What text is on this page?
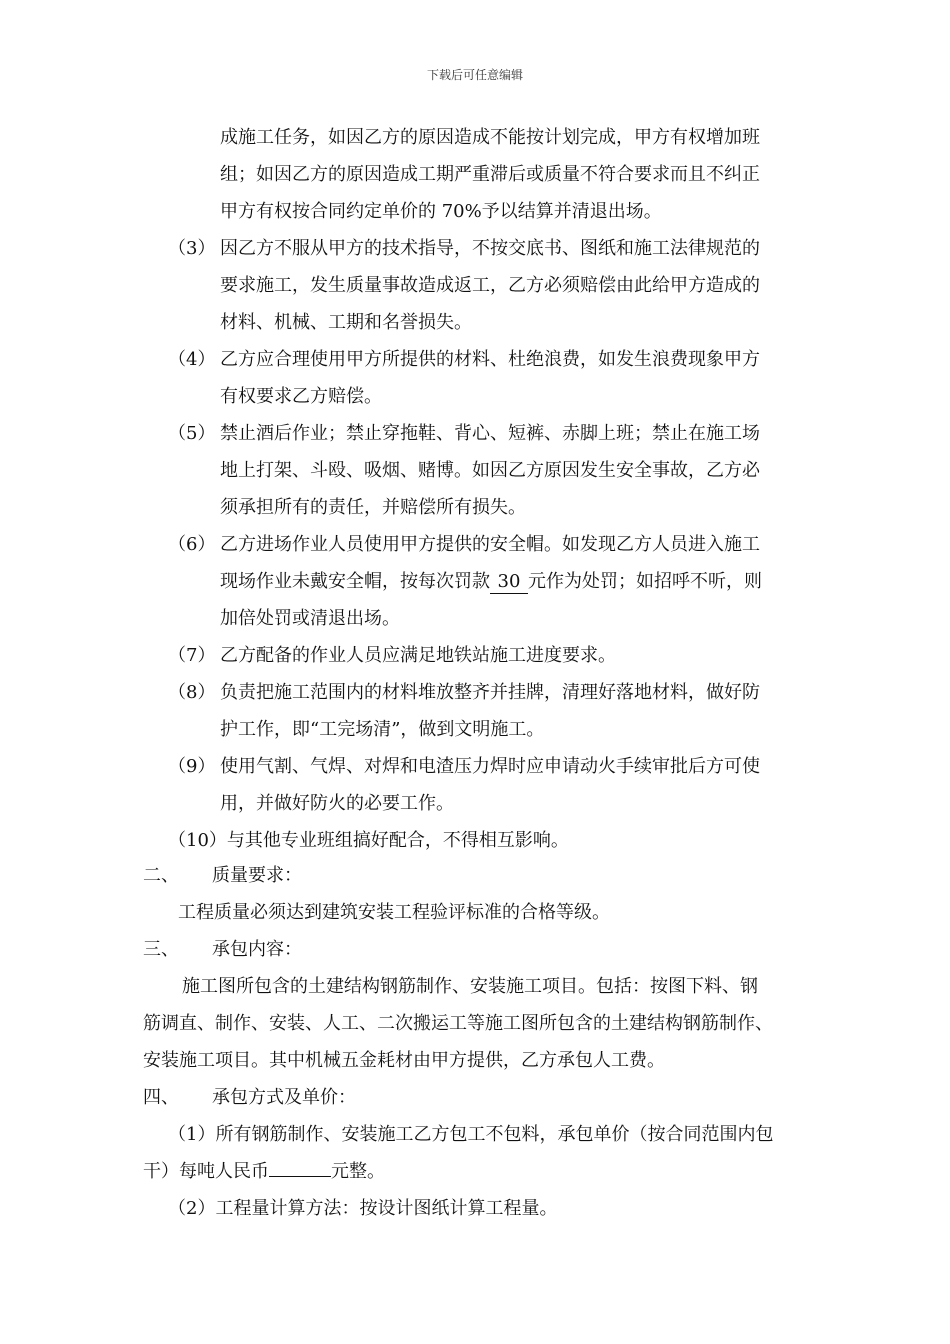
下载后可任意编辑
成施工任务，如因乙方的原因造成不能按计划完成，甲方有权增加班
组；如因乙方的原因造成工期严重滞后或质量不符合要求而且不纠正
甲方有权按合同约定单价的 70%予以结算并清退出场。
（3） 因乙方不服从甲方的技术指导，不按交底书、图纸和施工法律规范的
要求施工，发生质量事故造成返工，乙方必须赔偿由此给甲方造成的
材料、机械、工期和名誉损失。
（4） 乙方应合理使用甲方所提供的材料、杜绝浪费，如发生浪费现象甲方
有权要求乙方赔偿。
（5） 禁止酒后作业；禁止穿拖鞋、背心、短裤、赤脚上班；禁止在施工场
地上打架、斗殴、吸烟、赌博。如因乙方原因发生安全事故，乙方必
须承担所有的责任，并赔偿所有损失。
（6） 乙方进场作业人员使用甲方提供的安全帽。如发现乙方人员进入施工
现场作业未戴安全帽，按每次罚款 30 元作为处罚；如招呼不听，则
加倍处罚或清退出场。
（7） 乙方配备的作业人员应满足地铁站施工进度要求。
（8） 负责把施工范围内的材料堆放整齐并挂牌，清理好落地材料，做好防
护工作，即“工完场清”，做到文明施工。
（9） 使用气割、气焊、对焊和电渣压力焊时应申请动火手续审批后方可使
用，并做好防火的必要工作。
（10）与其他专业班组搞好配合，不得相互影响。
二、 质量要求：
工程质量必须达到建筑安装工程验评标准的合格等级。
三、 承包内容：
施工图所包含的土建结构钢筋制作、安装施工项目。包括：按图下料、钢
筋调直、制作、安装、人工、二次搬运工等施工图所包含的土建结构钢筋制作、
安装施工项目。其中机械五金耗材由甲方提供，乙方承包人工费。
四、 承包方式及单价：
（1）所有钢筋制作、安装施工乙方包工不包料，承包单价（按合同范围内包
干）每吨人民币	元整。
（2）工程量计算方法：按设计图纸计算工程量。
